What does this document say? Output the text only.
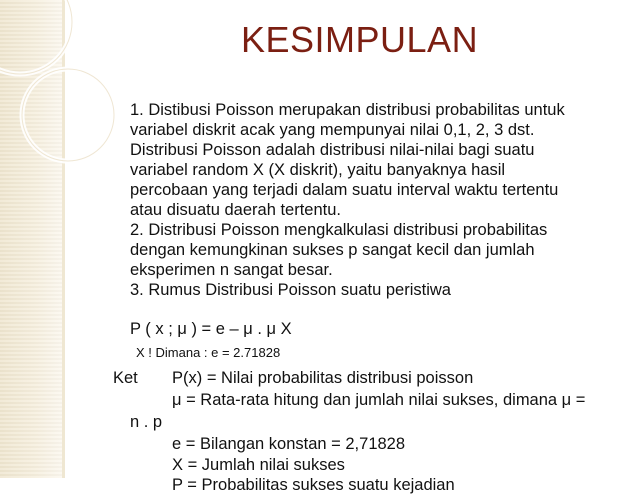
KESIMPULAN
1. Distibusi Poisson merupakan distribusi probabilitas untuk
variabel diskrit acak yang mempunyai nilai 0,1, 2, 3 dst.
Distribusi Poisson adalah distribusi nilai-nilai bagi suatu
variabel random X (X diskrit), yaitu banyaknya hasil
percobaan yang terjadi dalam suatu interval waktu tertentu
atau disuatu daerah tertentu.
2. Distribusi Poisson mengkalkulasi distribusi probabilitas
dengan kemungkinan sukses p sangat kecil dan jumlah
eksperimen n sangat besar.
3. Rumus Distribusi Poisson suatu peristiwa
P ( x ; μ ) = e – μ . μ X
X ! Dimana : e = 2.71828
Ket P(x) = Nilai probabilitas distribusi poisson
μ = Rata-rata hitung dan jumlah nilai sukses, dimana μ =
n . p
e = Bilangan konstan = 2,71828
X = Jumlah nilai sukses
P = Probabilitas sukses suatu kejadian
